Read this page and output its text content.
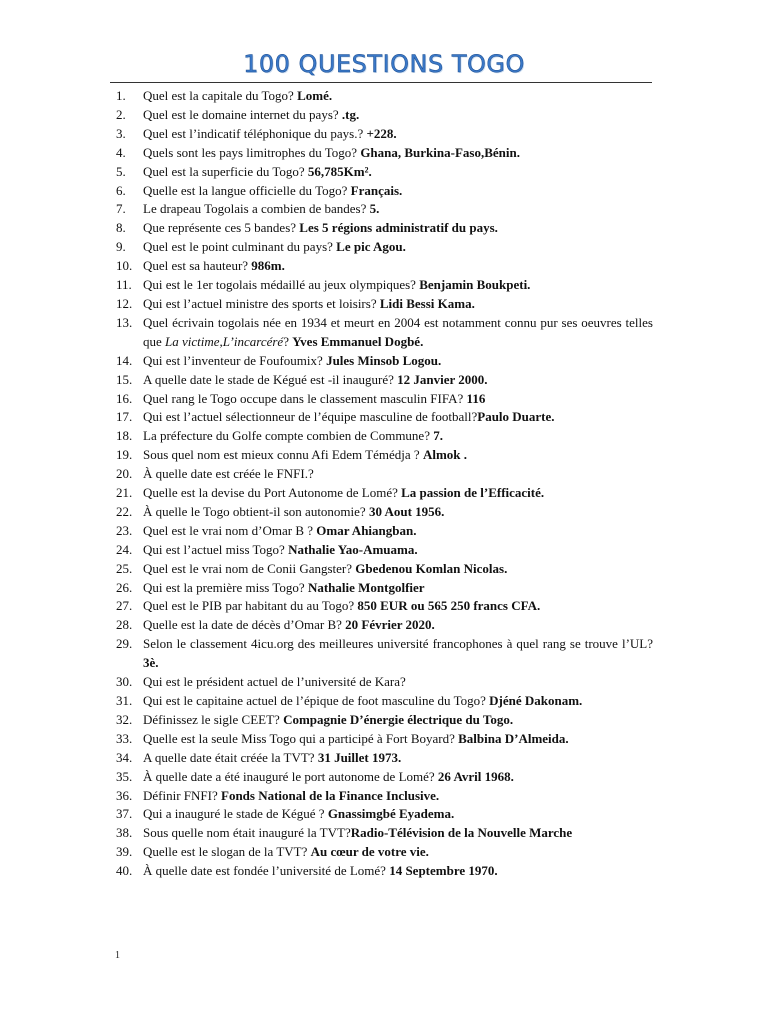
100 QUESTIONS TOGO
1. Quel est la capitale du Togo? Lomé.
2. Quel est le domaine internet du pays? .tg.
3. Quel est l’indicatif téléphonique du pays.? +228.
4. Quels sont les pays limitrophes du Togo? Ghana, Burkina-Faso,Bénin.
5. Quel est la superficie du Togo? 56,785Km².
6. Quelle est la langue officielle du Togo? Français.
7. Le drapeau Togolais a combien de bandes? 5.
8. Que représente ces 5 bandes? Les 5 régions administratif du pays.
9. Quel est le point culminant du pays? Le pic Agou.
10. Quel est sa hauteur? 986m.
11. Qui est le 1er togolais médaillé au jeux olympiques? Benjamin Boukpeti.
12. Qui est l’actuel ministre des sports et loisirs? Lidi Bessi Kama.
13. Quel écrivain togolais née en 1934 et meurt en 2004 est notamment connu pur ses oeuvres telles que La victime,L’incarcéré? Yves Emmanuel Dogbé.
14. Qui est l’inventeur de Foufoumix? Jules Minsob Logou.
15. A quelle date le stade de Kégué est -il inauguré? 12 Janvier 2000.
16. Quel rang le Togo occupe dans le classement masculin FIFA? 116
17. Qui est l’actuel sélectionneur de l’équipe masculine de football?Paulo Duarte.
18. La préfecture du Golfe compte combien de Commune? 7.
19. Sous quel nom est mieux connu Afi Edem Témédja ? Almok .
20. À quelle date est créée le FNFI.?
21. Quelle est la devise du Port Autonome de Lomé? La passion de l’Efficacité.
22. À quelle le Togo obtient-il son autonomie? 30 Aout 1956.
23. Quel est le vrai nom d’Omar B ? Omar Ahiangban.
24. Qui est l’actuel miss Togo? Nathalie Yao-Amuama.
25. Quel est le vrai nom de Conii Gangster? Gbedenou Komlan Nicolas.
26. Qui est la première miss Togo? Nathalie Montgolfier
27. Quel est le PIB par habitant du au Togo? 850 EUR ou 565 250 francs CFA.
28. Quelle est la date de décès d’Omar B? 20 Février 2020.
29. Selon le classement 4icu.org des meilleures université francophones à quel rang se trouve l’UL? 3è.
30. Qui est le président actuel de l’université de Kara?
31. Qui est le capitaine actuel de l’épique de foot masculine du Togo? Djéné Dakonam.
32. Définissez le sigle CEET? Compagnie D’énergie électrique du Togo.
33. Quelle est la seule Miss Togo qui a participé à Fort Boyard? Balbina D’Almeida.
34. A quelle date était créée la TVT? 31 Juillet 1973.
35. À quelle date a été inauguré le port autonome de Lomé? 26 Avril 1968.
36. Définir FNFI? Fonds National de la Finance Inclusive.
37. Qui a inauguré le stade de Kégué ? Gnassimgbé Eyadema.
38. Sous quelle nom était inauguré la TVT?Radio-Télévision de la Nouvelle Marche
39. Quelle est le slogan de la TVT? Au cœur de votre vie.
40. À quelle date est fondée l’université de Lomé? 14 Septembre 1970.
1
